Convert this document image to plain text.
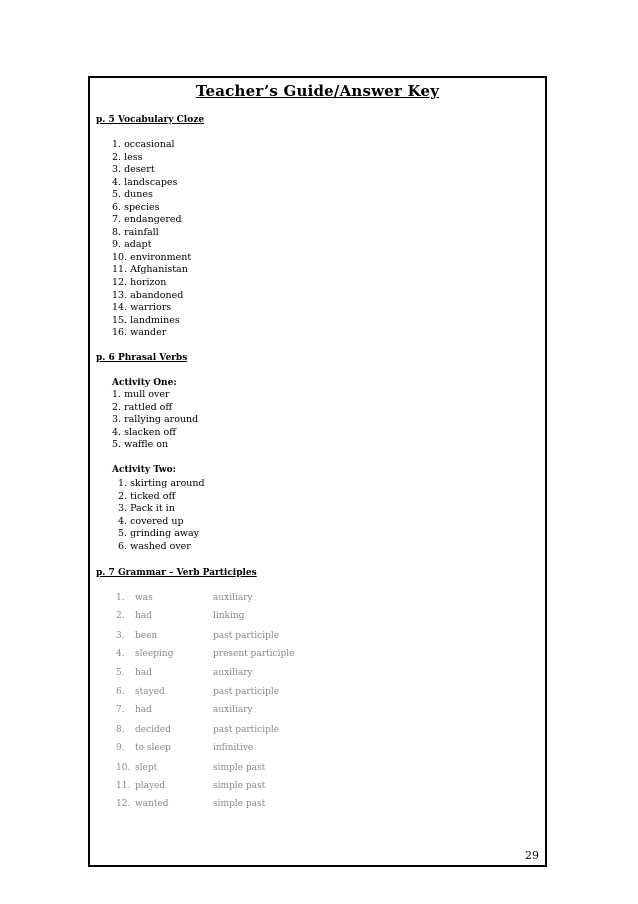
Teacher’s Guide/Answer Key
p. 5 Vocabulary Cloze
1. occasional
2. less
3. desert
4. landscapes
5. dunes
6. species
7. endangered
8. rainfall
9. adapt
10. environment
11. Afghanistan
12. horizon
13. abandoned
14. warriors
15. landmines
16. wander
p. 6 Phrasal Verbs
Activity One:
1. mull over
2. rattled off
3. rallying around
4. slacken off
5. waffle on
Activity Two:
1. skirting around
2. ticked off
3. Pack it in
4. covered up
5. grinding away
6. washed over
p. 7 Grammar – Verb Participles
1. was	auxiliary
2. had	linking
3. been	past participle
4. sleeping	present participle
5. had	auxiliary
6. stayed	past participle
7. had	auxiliary
8. decided	past participle
9. to sleep	infinitive
10. slept	simple past
11. played	simple past
12. wanted	simple past
29
